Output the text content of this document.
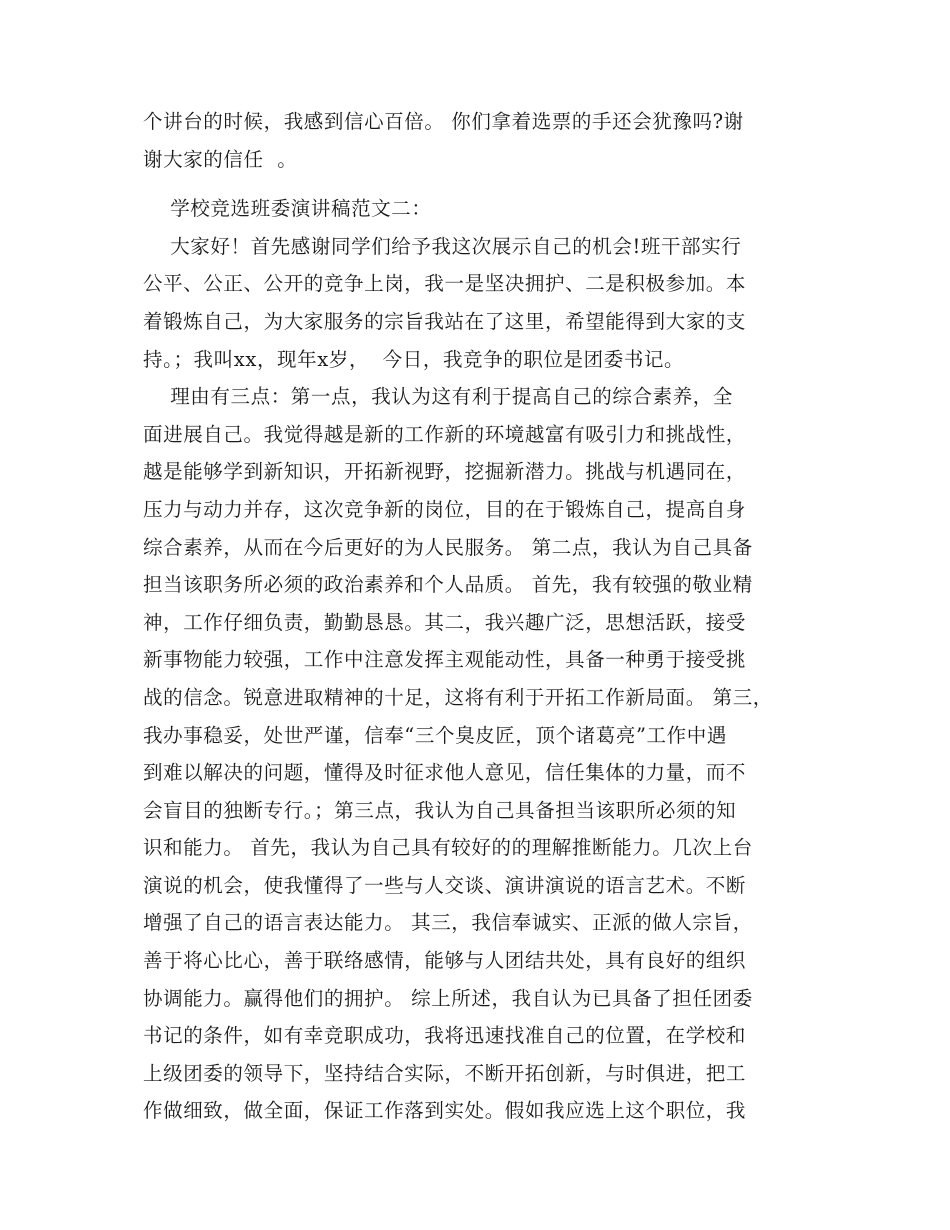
个讲台的时候，我感到信心百倍。 你们拿着选票的手还会犹豫吗?谢
谢大家的信任  。
学校竞选班委演讲稿范文二：
大家好！首先感谢同学们给予我这次展示自己的机会!班干部实行
公平、公正、公开的竞争上岗，我一是坚决拥护、二是积极参加。本
着锻炼自己，为大家服务的宗旨我站在了这里，希望能得到大家的支
持。；我叫xx，现年x岁，  今日，我竞争的职位是团委书记。
理由有三点：第一点，我认为这有利于提高自己的综合素养，全
面进展自己。我觉得越是新的工作新的环境越富有吸引力和挑战性，
越是能够学到新知识，开拓新视野，挖掘新潜力。挑战与机遇同在，
压力与动力并存，这次竞争新的岗位，目的在于锻炼自己，提高自身
综合素养，从而在今后更好的为人民服务。 第二点，我认为自己具备
担当该职务所必须的政治素养和个人品质。 首先，我有较强的敬业精
神，工作仔细负责，勤勤恳恳。其二，我兴趣广泛，思想活跃，接受
新事物能力较强，工作中注意发挥主观能动性，具备一种勇于接受挑
战的信念。锐意进取精神的十足，这将有利于开拓工作新局面。 第三，
我办事稳妥，处世严谨，信奉“三个臭皮匠，顶个诸葛亮”工作中遇
到难以解决的问题，懂得及时征求他人意见，信任集体的力量，而不
会盲目的独断专行。；第三点，我认为自己具备担当该职所必须的知
识和能力。 首先，我认为自己具有较好的的理解推断能力。几次上台
演说的机会，使我懂得了一些与人交谈、演讲演说的语言艺术。不断
增强了自己的语言表达能力。 其三，我信奉诚实、正派的做人宗旨，
善于将心比心，善于联络感情，能够与人团结共处，具有良好的组织
协调能力。赢得他们的拥护。 综上所述，我自认为已具备了担任团委
书记的条件，如有幸竞职成功，我将迅速找准自己的位置，在学校和
上级团委的领导下，坚持结合实际，不断开拓创新，与时俱进，把工
作做细致，做全面，保证工作落到实处。假如我应选上这个职位，我
